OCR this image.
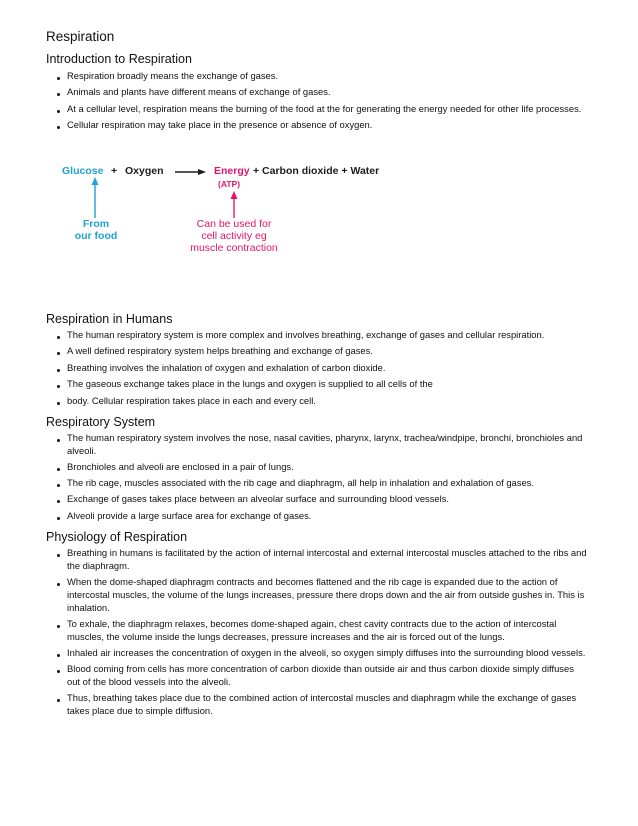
Respiration
Introduction to Respiration
Respiration broadly means the exchange of gases.
Animals and plants have different means of exchange of gases.
At a cellular level, respiration means the burning of the food at the for generating the energy needed for other life processes.
Cellular respiration may take place in the presence or absence of oxygen.
Glucose + Oxygen	Energy
(ATP)
+ Carbon dioxide + Water
From
our food
Can be used for
cell activity eg
muscle contraction
Respiration in Humans
The human respiratory system is more complex and involves breathing, exchange of gases and cellular respiration.
A well defined respiratory system helps breathing and exchange of gases.
Breathing involves the inhalation of oxygen and exhalation of carbon dioxide.
The gaseous exchange takes place in the lungs and oxygen is supplied to all cells of the
body. Cellular respiration takes place in each and every cell.
Respiratory System
The human respiratory system involves the nose, nasal cavities, pharynx, larynx, trachea/windpipe, bronchi, bronchioles and alveoli.
Bronchioles and alveoli are enclosed in a pair of lungs.
The rib cage, muscles associated with the rib cage and diaphragm, all help in inhalation and exhalation of gases.
Exchange of gases takes place between an alveolar surface and surrounding blood vessels.
Alveoli provide a large surface area for exchange of gases.
Physiology of Respiration
Breathing in humans is facilitated by the action of internal intercostal and external intercostal muscles attached to the ribs and the diaphragm.
When the dome-shaped diaphragm contracts and becomes flattened and the rib cage is expanded due to the action of intercostal muscles, the volume of the lungs increases, pressure there drops down and the air from outside gushes in. This is inhalation.
To exhale, the diaphragm relaxes, becomes dome-shaped again, chest cavity contracts due to the action of intercostal muscles, the volume inside the lungs decreases, pressure increases and the air is forced out of the lungs.
Inhaled air increases the concentration of oxygen in the alveoli, so oxygen simply diffuses into the surrounding blood vessels.
Blood coming from cells has more concentration of carbon dioxide than outside air and thus carbon dioxide simply diffuses out of the blood vessels into the alveoli.
Thus, breathing takes place due to the combined action of intercostal muscles and diaphragm while the exchange of gases takes place due to simple diffusion.
